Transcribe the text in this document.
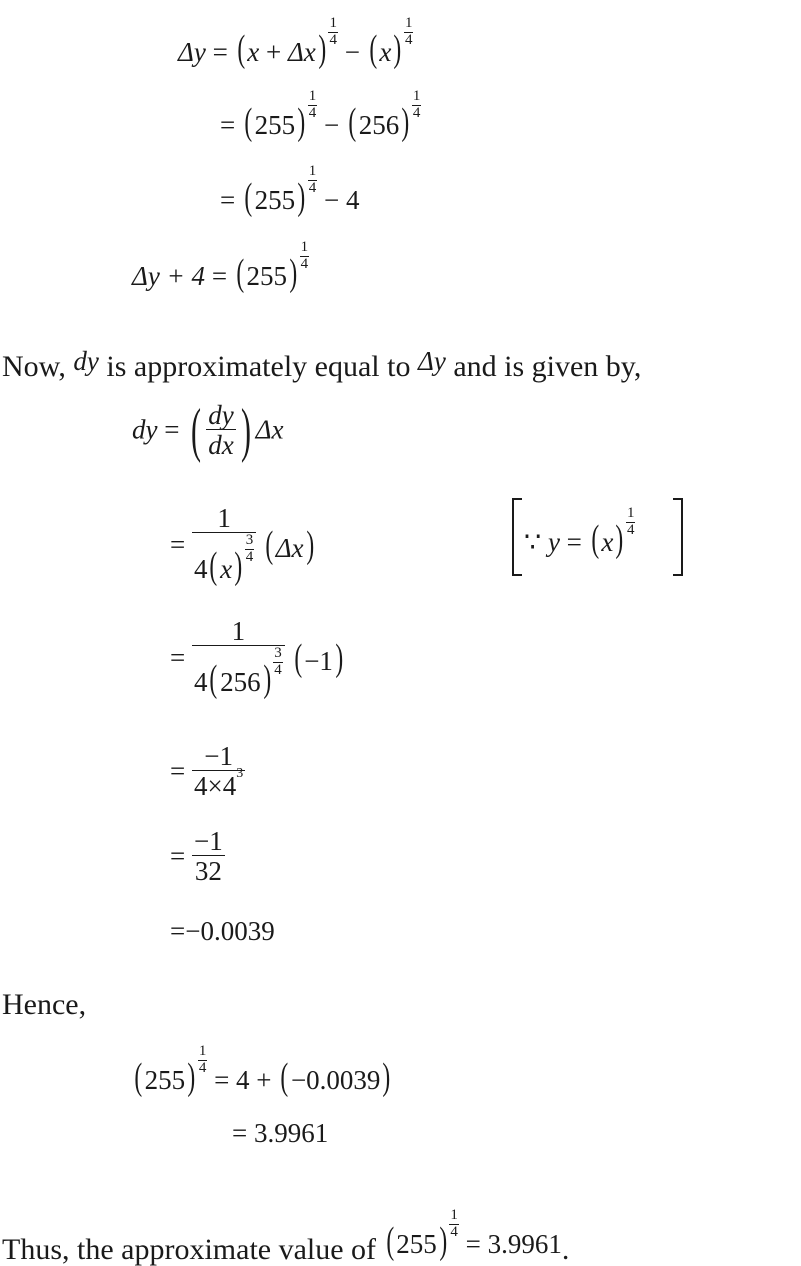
$\Delta y = (x + \Delta x) \frac{1}{4}$
− $(x) \frac{1}{4}$
= $(255) \frac{1}{4}$
− $(256) \frac{1}{4}$
= $(255) \frac{1}{4}$
− 4
$\Delta y + 4 = (255) \frac{1}{4}$
Now, dy is approximately equal to Δy and is given by,
dy = ( $\frac{dy}{dx}$ ) Δx
= $\frac{1}{4(x) \frac{3}{4}} (\Delta x)$	∵ $y = (x) \frac{1}{4}$
= $\frac{1}{4(256) \frac{3}{4}} (-1)$
= $\frac{-1}{4\times 4^3}$
= $\frac{-1}{32}$
=−0.0039
Hence,
$(255) \frac{1}{4}$
= 4 + (−0.0039)
= 3.9961
Thus, the approximate value of $(255) \frac{1}{4}$
= 3.9961.
